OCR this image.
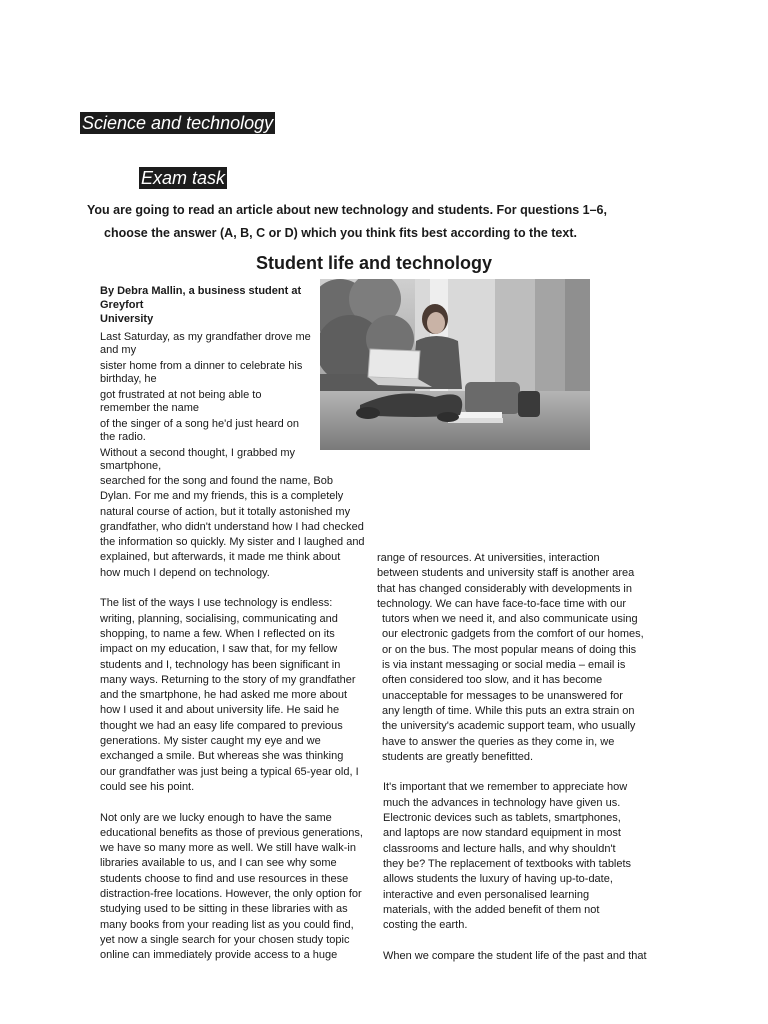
Science and technology
Exam task
You are going to read an article about new technology and students. For questions 1–6,
choose the answer (A, B, C or D) which you think fits best according to the text.
Student life and technology
By Debra Mallin, a business student at
Greyfort
University

Last Saturday, as my grandfather drove me

and my

sister home from a dinner to celebrate his

birthday, he

got frustrated at not being able to

remember the name

of the singer of a song he'd just heard on

the radio.

Without a second thought, I grabbed my

smartphone,

searched for the song and found the name, Bob

Dylan. For me and my friends, this is a completely

natural course of action, but it totally astonished my

grandfather, who didn't understand how I had checked

the information so quickly. My sister and I laughed and

explained, but afterwards, it made me think about

how much I depend on technology.

The list of the ways I use technology is endless:

writing, planning, socialising, communicating and

shopping, to name a few. When I reflected on its

impact on my education, I saw that, for my fellow

students and I, technology has been significant in

many ways. Returning to the story of my grandfather

and the smartphone, he had asked me more about

how I used it and about university life. He said he

thought we had an easy life compared to previous

generations. My sister caught my eye and we

exchanged a smile. But whereas she was thinking

our grandfather was just being a typical 65-year old, I

could see his point.

Not only are we lucky enough to have the same

educational benefits as those of previous generations,

we have so many more as well. We still have walk-in

libraries available to us, and I can see why some

students choose to find and use resources in these

distraction-free locations. However, the only option for

studying used to be sitting in these libraries with as

many books from your reading list as you could find,

yet now a single search for your chosen study topic

online can immediately provide access to a huge

range of resources. At universities, interaction

between students and university staff is another area

that has changed considerably with developments in

technology. We can have face-to-face time with our

tutors when we need it, and also communicate using

our electronic gadgets from the comfort of our homes,

or on the bus. The most popular means of doing this

is via instant messaging or social media – email is

often considered too slow, and it has become

unacceptable for messages to be unanswered for

any length of time. While this puts an extra strain on

the university's academic support team, who usually

have to answer the queries as they come in, we

students are greatly benefitted.

It's important that we remember to appreciate how

much the advances in technology have given us.

Electronic devices such as tablets, smartphones,

and laptops are now standard equipment in most

classrooms and lecture halls, and why shouldn't

they be? The replacement of textbooks with tablets

allows students the luxury of having up-to-date,

interactive and even personalised learning

materials, with the added benefit of them not

costing the earth.

When we compare the student life of the past and that
